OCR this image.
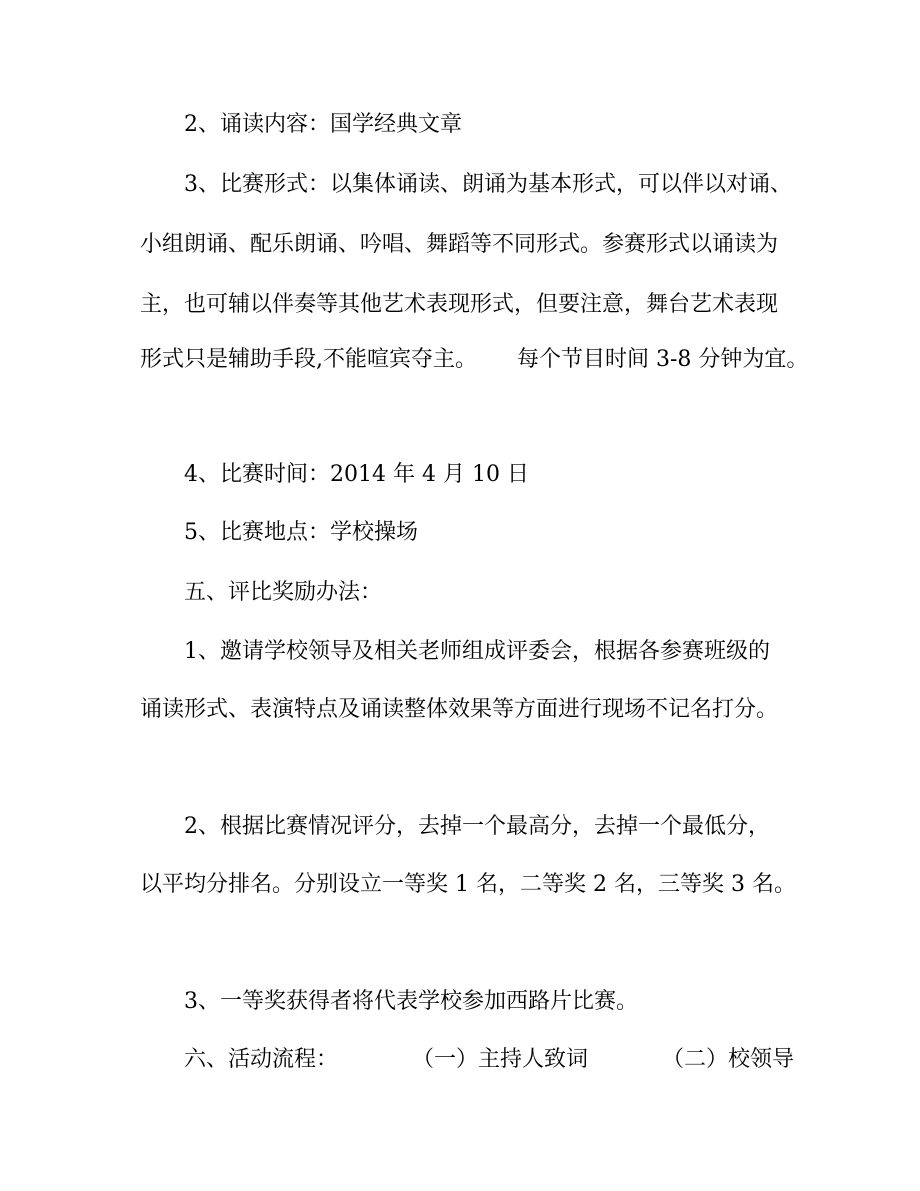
2、诵读内容：国学经典文章
3、比赛形式：以集体诵读、朗诵为基本形式，可以伴以对诵、
小组朗诵、配乐朗诵、吟唱、舞蹈等不同形式。参赛形式以诵读为
主，也可辅以伴奏等其他艺术表现形式，但要注意，舞台艺术表现
形式只是辅助手段,不能喧宾夺主。 每个节目时间 3-8 分钟为宜。
4、比赛时间：2014 年 4 月 10 日
5、比赛地点：学校操场
五、评比奖励办法：
1、邀请学校领导及相关老师组成评委会，根据各参赛班级的
诵读形式、表演特点及诵读整体效果等方面进行现场不记名打分。
2、根据比赛情况评分，去掉一个最高分，去掉一个最低分，
以平均分排名。分别设立一等奖 1 名，二等奖 2 名，三等奖 3 名。
3、一等奖获得者将代表学校参加西路片比赛。
六、活动流程：	（一）主持人致词	（二）校领导
